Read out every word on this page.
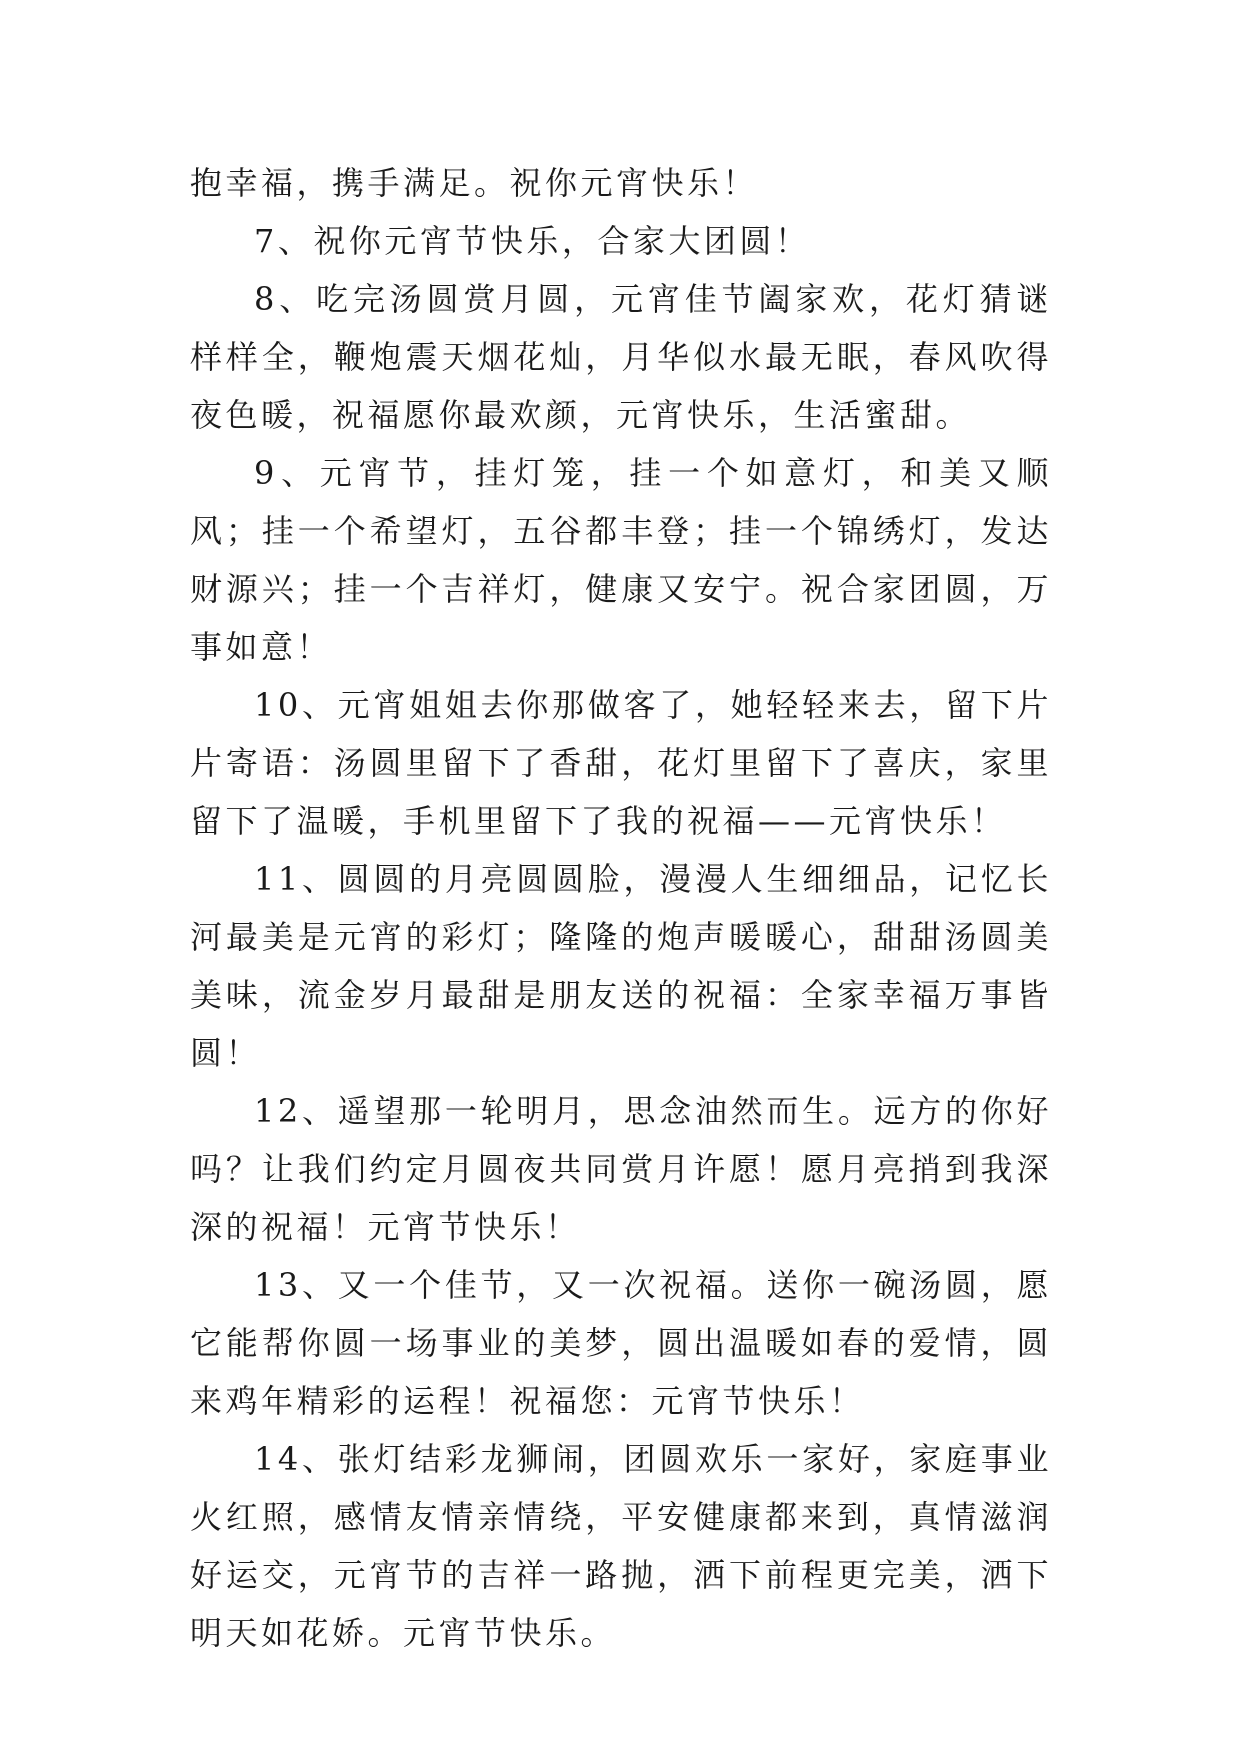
抱幸福，携手满足。祝你元宵快乐！

7、祝你元宵节快乐，合家大团圆！

8、吃完汤圆赏月圆，元宵佳节阖家欢，花灯猜谜样样全，鞭炮震天烟花灿，月华似水最无眠，春风吹得夜色暖，祝福愿你最欢颜，元宵快乐，生活蜜甜。

9、元宵节，挂灯笼，挂一个如意灯，和美又顺风；挂一个希望灯，五谷都丰登；挂一个锦绣灯，发达财源兴；挂一个吉祥灯，健康又安宁。祝合家团圆，万事如意！

10、元宵姐姐去你那做客了，她轻轻来去，留下片片寄语：汤圆里留下了香甜，花灯里留下了喜庆，家里留下了温暖，手机里留下了我的祝福——元宵快乐！

11、圆圆的月亮圆圆脸，漫漫人生细细品，记忆长河最美是元宵的彩灯；隆隆的炮声暖暖心，甜甜汤圆美美味，流金岁月最甜是朋友送的祝福：全家幸福万事皆圆！

12、遥望那一轮明月，思念油然而生。远方的你好吗？让我们约定月圆夜共同赏月许愿！愿月亮捎到我深深的祝福！元宵节快乐！

13、又一个佳节，又一次祝福。送你一碗汤圆，愿它能帮你圆一场事业的美梦，圆出温暖如春的爱情，圆来鸡年精彩的运程！祝福您：元宵节快乐！

14、张灯结彩龙狮闹，团圆欢乐一家好，家庭事业火红照，感情友情亲情绕，平安健康都来到，真情滋润好运交，元宵节的吉祥一路抛，洒下前程更完美，洒下明天如花娇。元宵节快乐。
